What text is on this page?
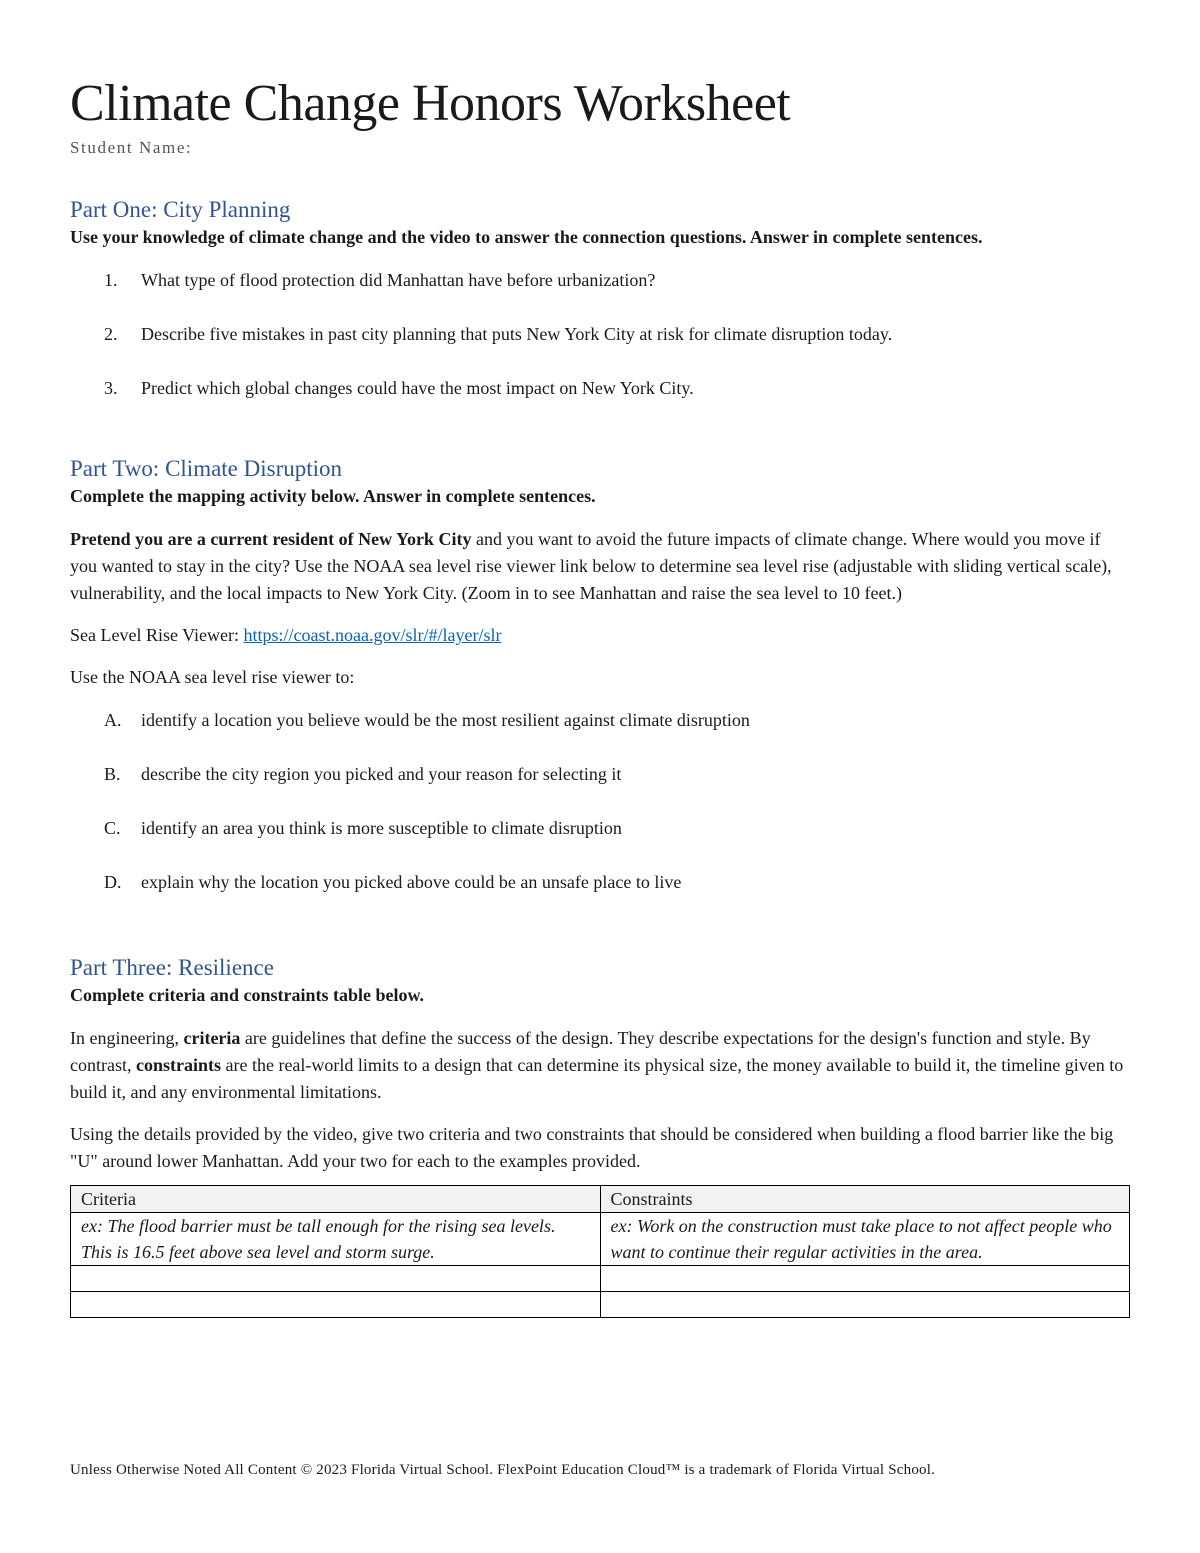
Climate Change Honors Worksheet
Student Name:
Part One: City Planning

Use your knowledge of climate change and the video to answer the connection questions. Answer in complete sentences.

1. What type of flood protection did Manhattan have before urbanization?
2. Describe five mistakes in past city planning that puts New York City at risk for climate disruption today.
3. Predict which global changes could have the most impact on New York City.
Part Two: Climate Disruption

Complete the mapping activity below. Answer in complete sentences.

Pretend you are a current resident of New York City and you want to avoid the future impacts of climate change. Where would you move if you wanted to stay in the city? Use the NOAA sea level rise viewer link below to determine sea level rise (adjustable with sliding vertical scale), vulnerability, and the local impacts to New York City. (Zoom in to see Manhattan and raise the sea level to 10 feet.)

Sea Level Rise Viewer: https://coast.noaa.gov/slr/#/layer/slr

Use the NOAA sea level rise viewer to:

A. identify a location you believe would be the most resilient against climate disruption
B. describe the city region you picked and your reason for selecting it
C. identify an area you think is more susceptible to climate disruption
D. explain why the location you picked above could be an unsafe place to live
Part Three: Resilience

Complete criteria and constraints table below.

In engineering, criteria are guidelines that define the success of the design. They describe expectations for the design's function and style. By contrast, constraints are the real-world limits to a design that can determine its physical size, the money available to build it, the timeline given to build it, and any environmental limitations.

Using the details provided by the video, give two criteria and two constraints that should be considered when building a flood barrier like the big "U" around lower Manhattan. Add your two for each to the examples provided.

Criteria	Constraints
ex: The flood barrier must be tall enough for the rising sea levels. This is 16.5 feet above sea level and storm surge.	ex: Work on the construction must take place to not affect people who want to continue their regular activities in the area.

Unless Otherwise Noted All Content © 2023 Florida Virtual School. FlexPoint Education Cloud™ is a trademark of Florida Virtual School.
